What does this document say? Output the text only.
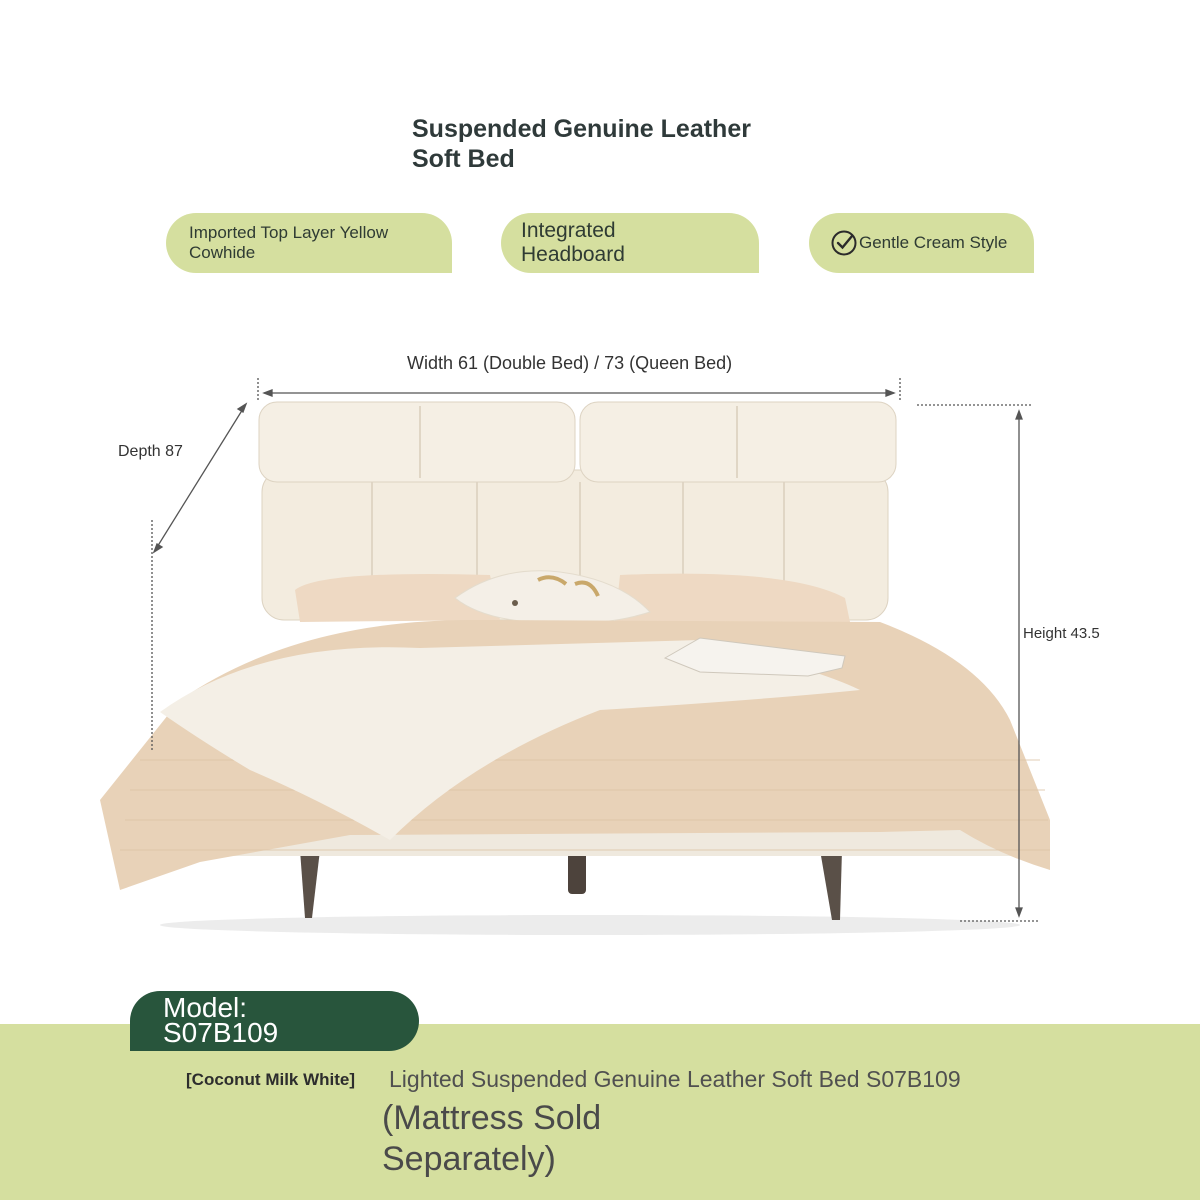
Suspended Genuine Leather
Soft Bed
Imported Top Layer Yellow
Cowhide
Integrated
Headboard
Gentle Cream Style
Width 61 (Double Bed) / 73 (Queen Bed)
Depth 87
Height 43.5
Model:
S07B109
[Coconut Milk White] Lighted Suspended Genuine Leather Soft Bed S07B109
(Mattress Sold
Separately)
